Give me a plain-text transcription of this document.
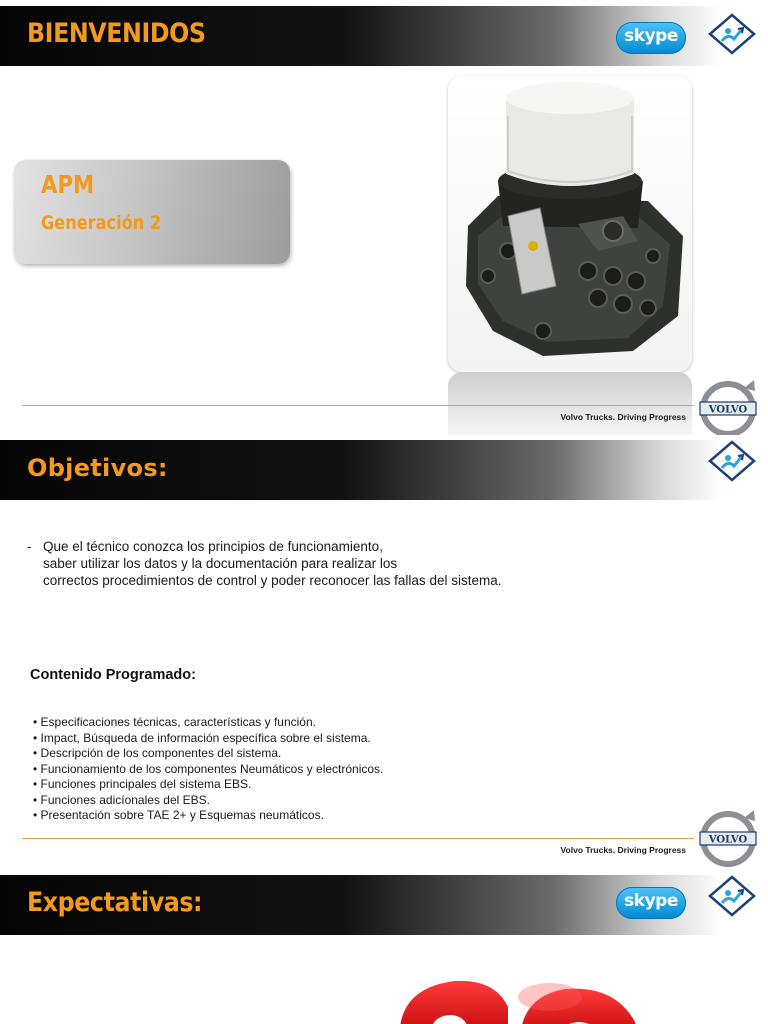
BIENVENIDOS	skype
APM
Generación 2
Volvo Trucks. Driving Progress
VOLVO
Objetivos:
- Que el técnico conozca los principios de funcionamiento,
saber utilizar los datos y la documentación para realizar los
correctos procedimientos de control y poder reconocer las fallas del sistema.
Contenido Programado:
• Especificaciones técnicas, características y función.
• Impact, Búsqueda de información específica sobre el sistema.
• Descripción de los componentes del sistema.
• Funcionamiento de los componentes Neumáticos y electrónicos.
• Funciones principales del sistema EBS.
• Funciones adicíonales del EBS.
• Presentación sobre TAE 2+ y Esquemas neumáticos.
Volvo Trucks. Driving Progress
VOLVO
Expectativas:	skype
